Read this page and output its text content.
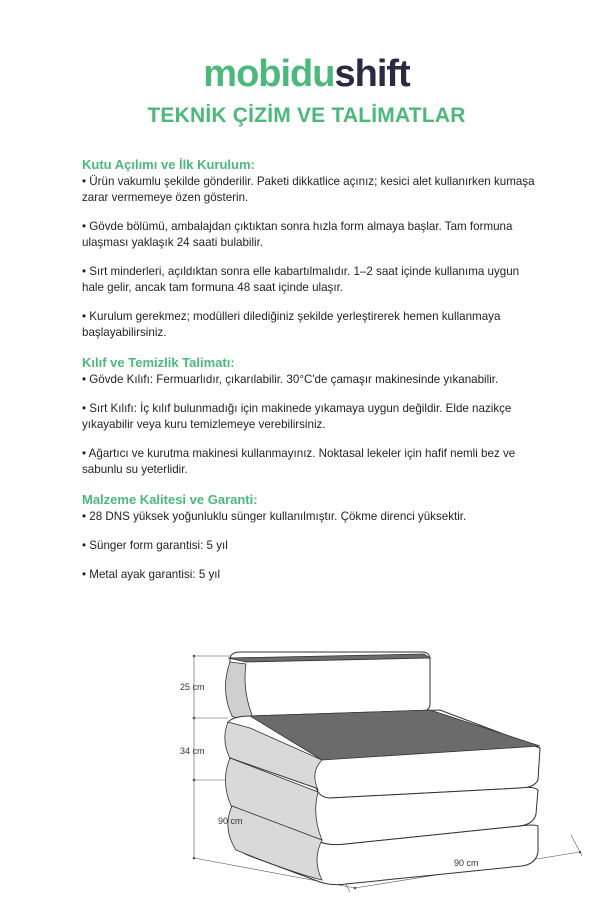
mobidushift
TEKNİK ÇİZİM VE TALİMATLAR
Kutu Açılımı ve İlk Kurulum:
• Ürün vakumlu şekilde gönderilir. Paketi dikkatlice açınız; kesici alet kullanırken kumaşa zarar vermemeye özen gösterin.
• Gövde bölümü, ambalajdan çıktıktan sonra hızla form almaya başlar. Tam formuna ulaşması yaklaşık 24 saati bulabilir.
• Sırt minderleri, açıldıktan sonra elle kabartılmalıdır. 1–2 saat içinde kullanıma uygun hale gelir, ancak tam formuna 48 saat içinde ulaşır.
• Kurulum gerekmez; modülleri dilediğiniz şekilde yerleştirerek hemen kullanmaya başlayabilirsiniz.
Kılıf ve Temizlik Talimatı:
• Gövde Kılıfı: Fermuarlıdır, çıkarılabilir. 30°C'de çamaşır makinesinde yıkanabilir.
• Sırt Kılıfı: İç kılıf bulunmadığı için makinede yıkamaya uygun değildir. Elde nazikçe yıkayabilir veya kuru temizlemeye verebilirsiniz.
• Ağartıcı ve kurutma makinesi kullanmayınız. Noktasal lekeler için hafif nemli bez ve sabunlu su yeterlidir.
Malzeme Kalitesi ve Garanti:
• 28 DNS yüksek yoğunluklu sünger kullanılmıştır. Çökme direnci yüksektir.
• Sünger form garantisi: 5 yıl
• Metal ayak garantisi: 5 yıl
25 cm
34 cm
90 cm
90 cm
